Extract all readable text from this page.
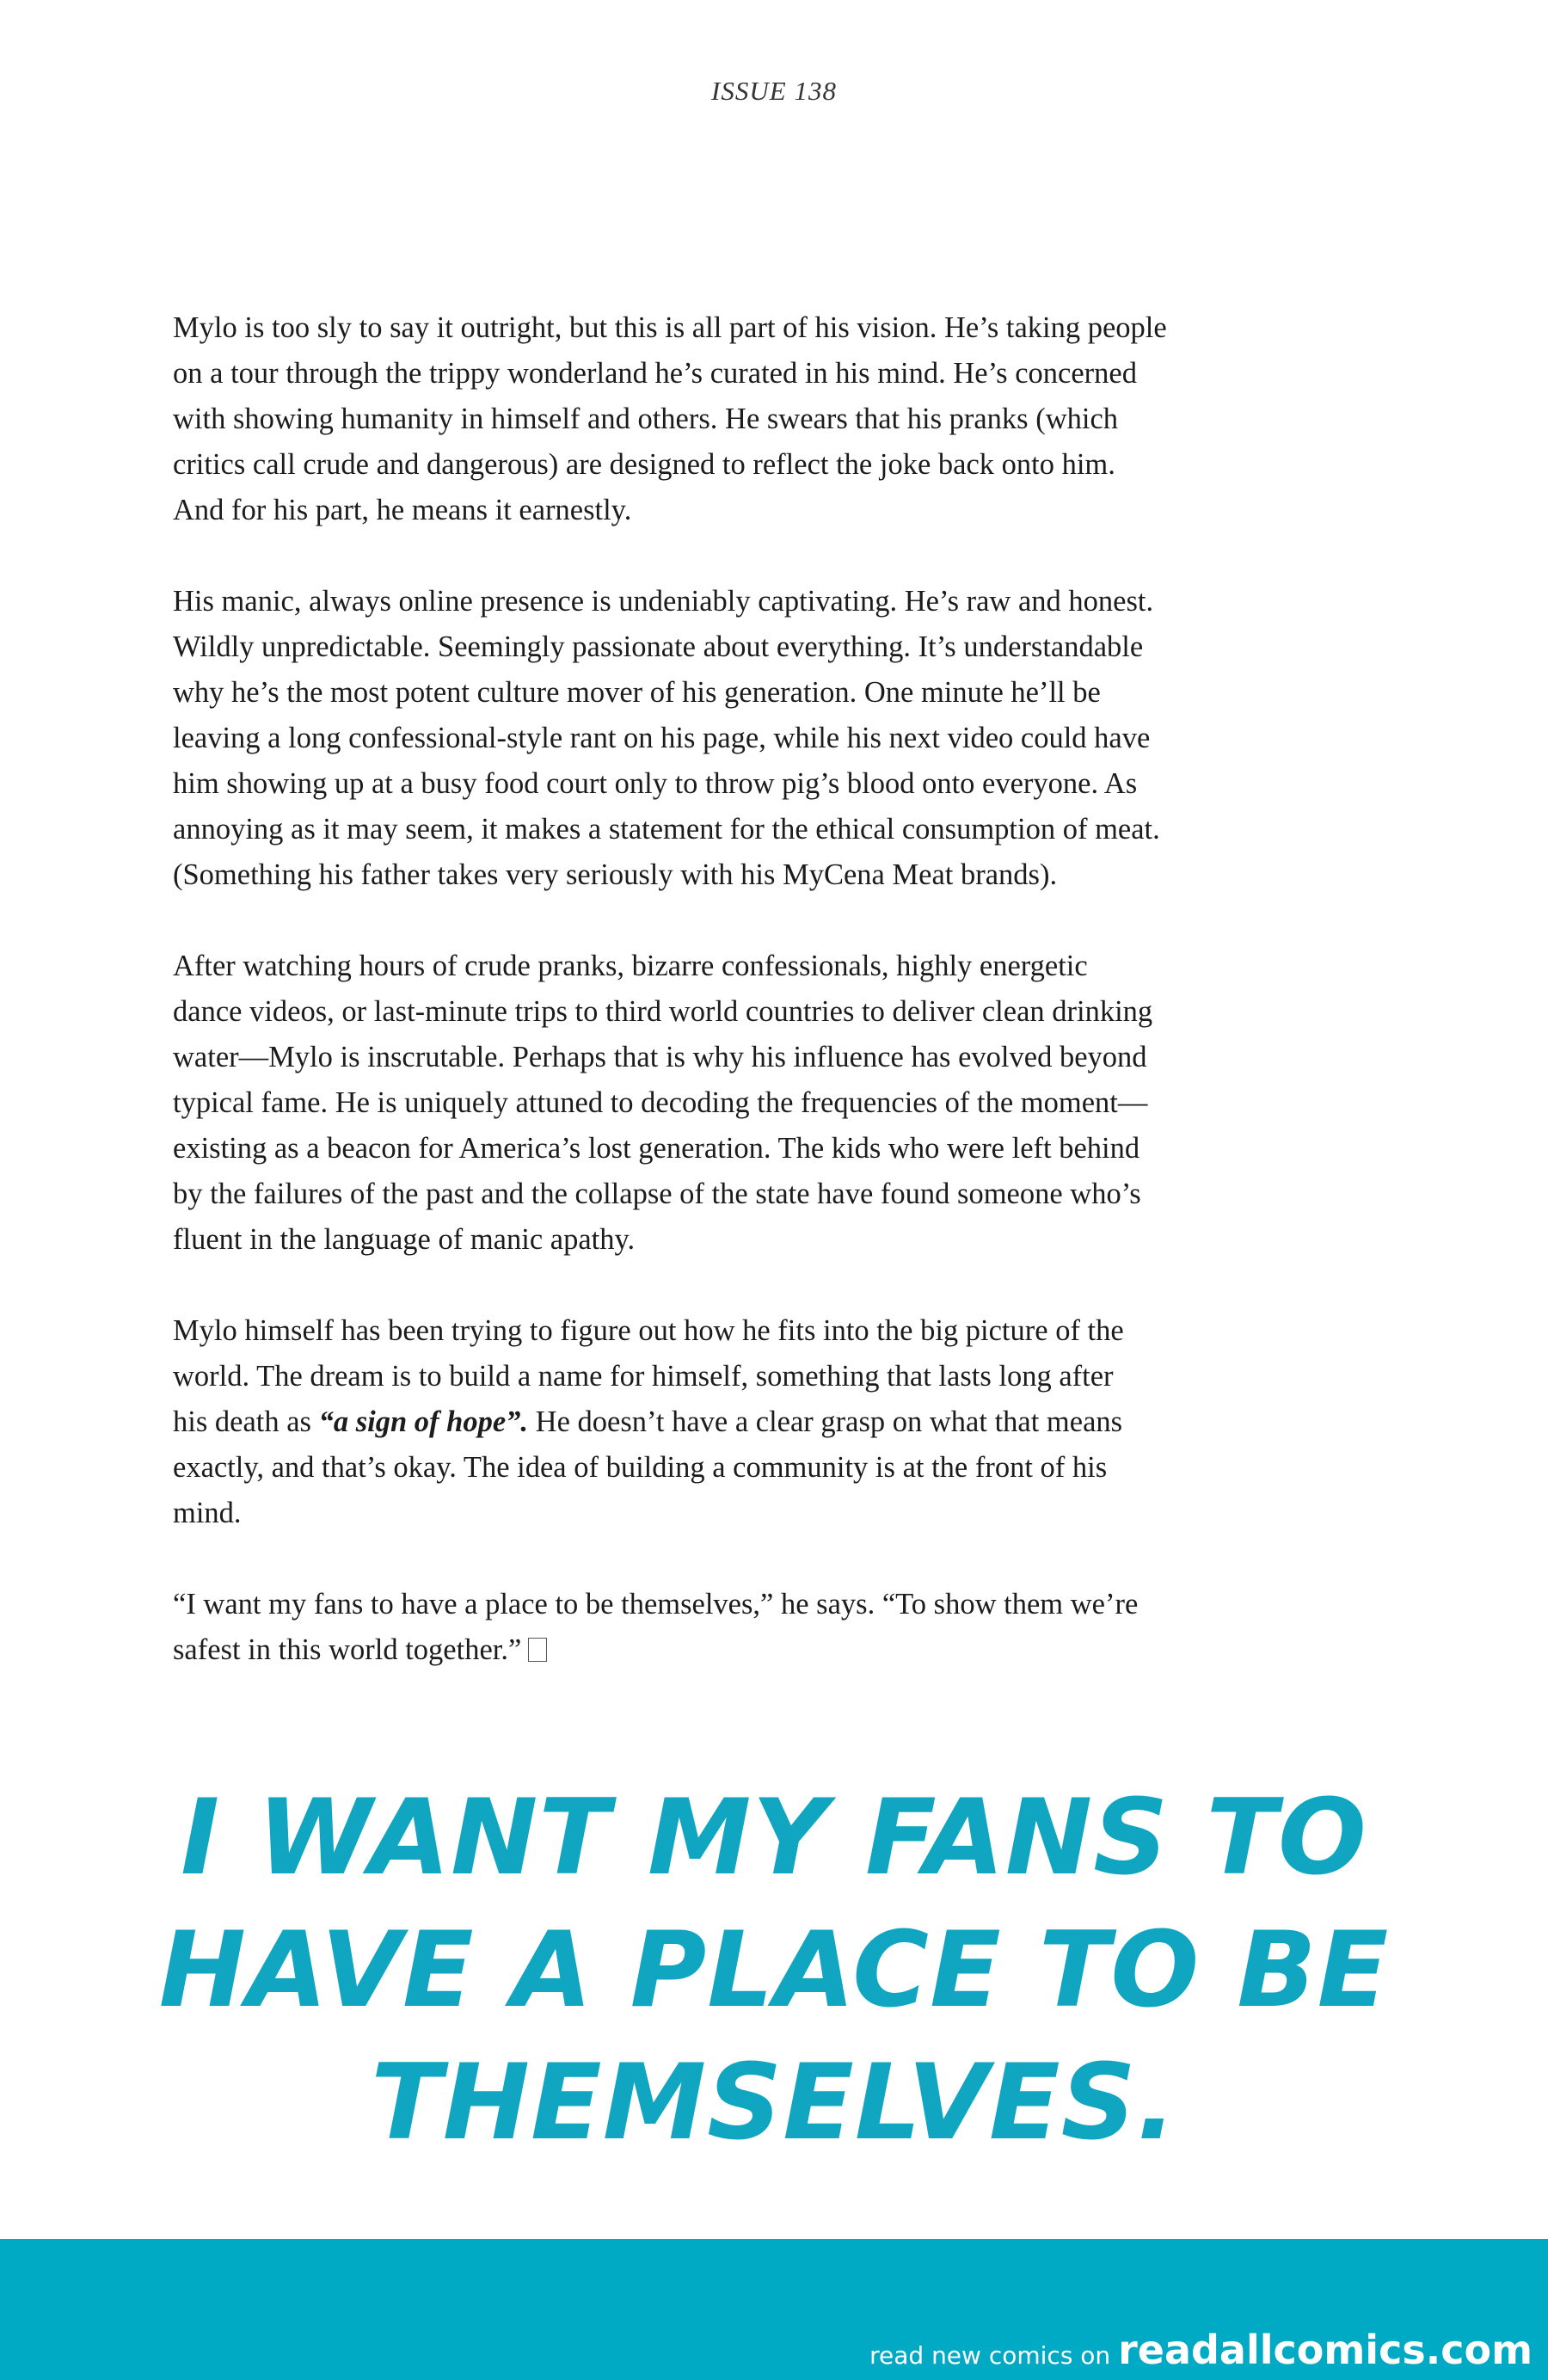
ISSUE 138

Mylo is too sly to say it outright, but this is all part of his vision. He’s taking people
on a tour through the trippy wonderland he’s curated in his mind. He’s concerned
with showing humanity in himself and others. He swears that his pranks (which
critics call crude and dangerous) are designed to reflect the joke back onto him.
And for his part, he means it earnestly.

His manic, always online presence is undeniably captivating. He’s raw and honest.
Wildly unpredictable. Seemingly passionate about everything. It’s understandable
why he’s the most potent culture mover of his generation. One minute he’ll be
leaving a long confessional-style rant on his page, while his next video could have
him showing up at a busy food court only to throw pig’s blood onto everyone. As
annoying as it may seem, it makes a statement for the ethical consumption of meat.
(Something his father takes very seriously with his MyCena Meat brands).

After watching hours of crude pranks, bizarre confessionals, highly energetic
dance videos, or last-minute trips to third world countries to deliver clean drinking
water—Mylo is inscrutable. Perhaps that is why his influence has evolved beyond
typical fame. He is uniquely attuned to decoding the frequencies of the moment—
existing as a beacon for America’s lost generation. The kids who were left behind
by the failures of the past and the collapse of the state have found someone who’s
fluent in the language of manic apathy.

Mylo himself has been trying to figure out how he fits into the big picture of the
world. The dream is to build a name for himself, something that lasts long after
his death as “a sign of hope”. He doesn’t have a clear grasp on what that means
exactly, and that’s okay. The idea of building a community is at the front of his
mind.

“I want my fans to have a place to be themselves,” he says. “To show them we’re
safest in this world together.”

I WANT MY FANS TO
HAVE A PLACE TO BE
THEMSELVES.
read new comics on readallcomics.com
